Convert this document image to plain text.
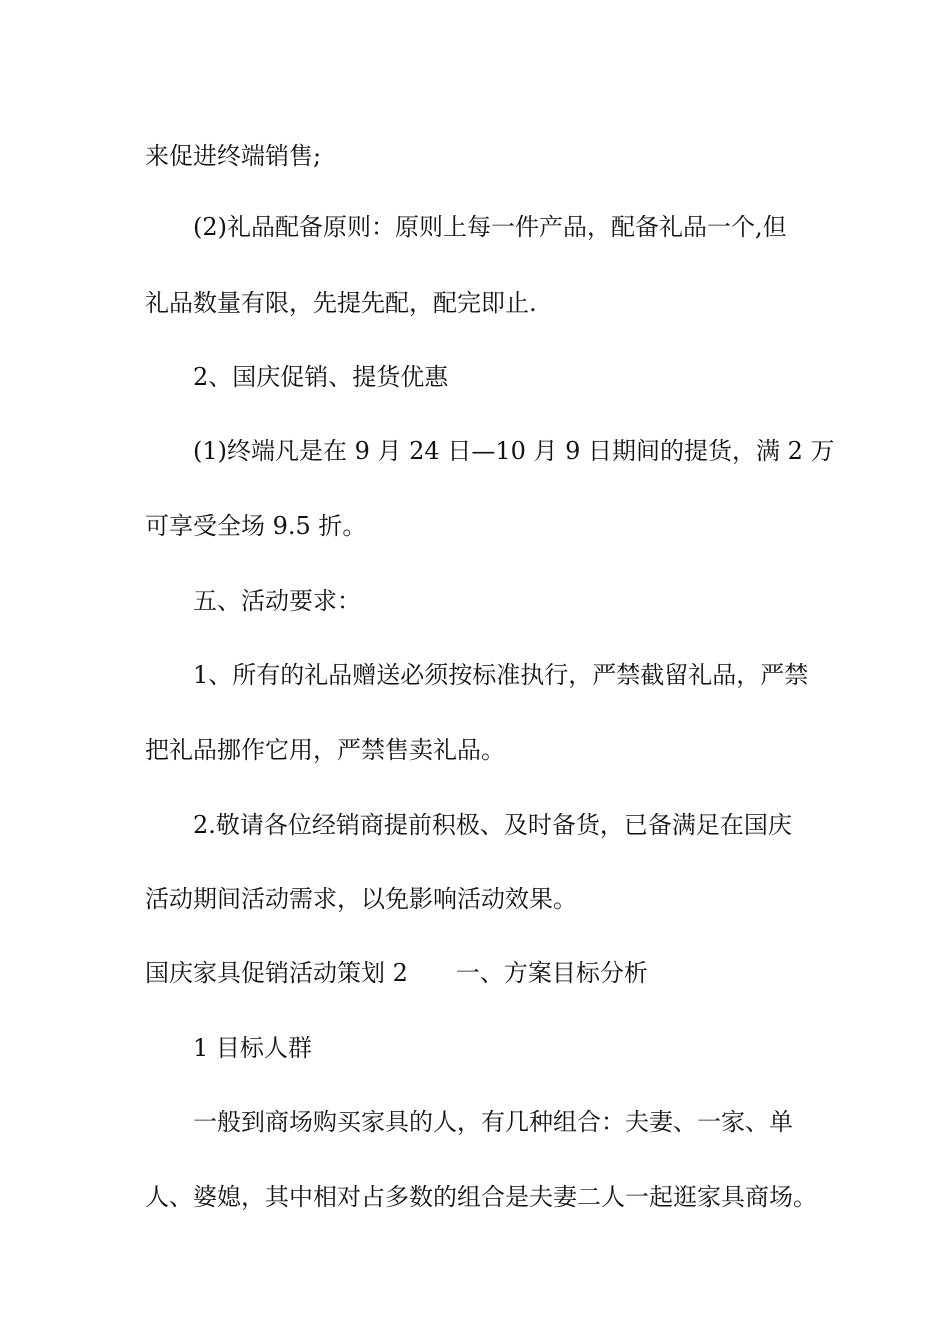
来促进终端销售;
(2)礼品配备原则：原则上每一件产品，配备礼品一个,但
礼品数量有限，先提先配，配完即止.
2、国庆促销、提货优惠
(1)终端凡是在 9 月 24 日—10 月 9 日期间的提货，满 2 万
可享受全场 9.5 折。
五、活动要求：
1、所有的礼品赠送必须按标准执行，严禁截留礼品，严禁
把礼品挪作它用，严禁售卖礼品。
2.敬请各位经销商提前积极、及时备货，已备满足在国庆
活动期间活动需求，以免影响活动效果。
国庆家具促销活动策划 2 一、方案目标分析
1 目标人群
一般到商场购买家具的人，有几种组合：夫妻、一家、单
人、婆媳，其中相对占多数的组合是夫妻二人一起逛家具商场。
